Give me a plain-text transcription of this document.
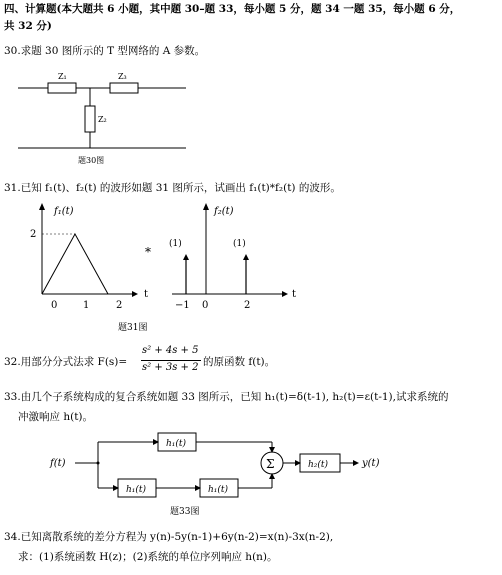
四、计算题(本大题共 6 小题，其中题 30–题 33，每小题 5 分，题 34 一题 35，每小题 6 分，
共 32 分)
30.求题 30 图所示的 T 型网络的 A 参数。
Z₁	Z₃
Z₂
题30图
31.已知 f₁(t)、f₂(t) 的波形如题 31 图所示，试画出 f₁(t)*f₂(t) 的波形。
f₁(t)
2
0	1	2
t
*
f₂(t)
(1)	(1)
−1 0	2
t
题31图
32.用部分分式法求 F(s)=
s² + 4s + 5
s² + 3s + 2 的原函数 f(t)。
33.由几个子系统构成的复合系统如题 33 图所示，已知 h₁(t)=δ(t-1), h₂(t)=ε(t-1),试求系统的
冲激响应 h(t)。
f(t)
h₁(t)
h₁(t)	h₁(t)
Σ	h₂(t)	y(t)
题33图
34.已知离散系统的差分方程为 y(n)-5y(n-1)+6y(n-2)=x(n)-3x(n-2),
求：(1)系统函数 H(z)；(2)系统的单位序列响应 h(n)。
